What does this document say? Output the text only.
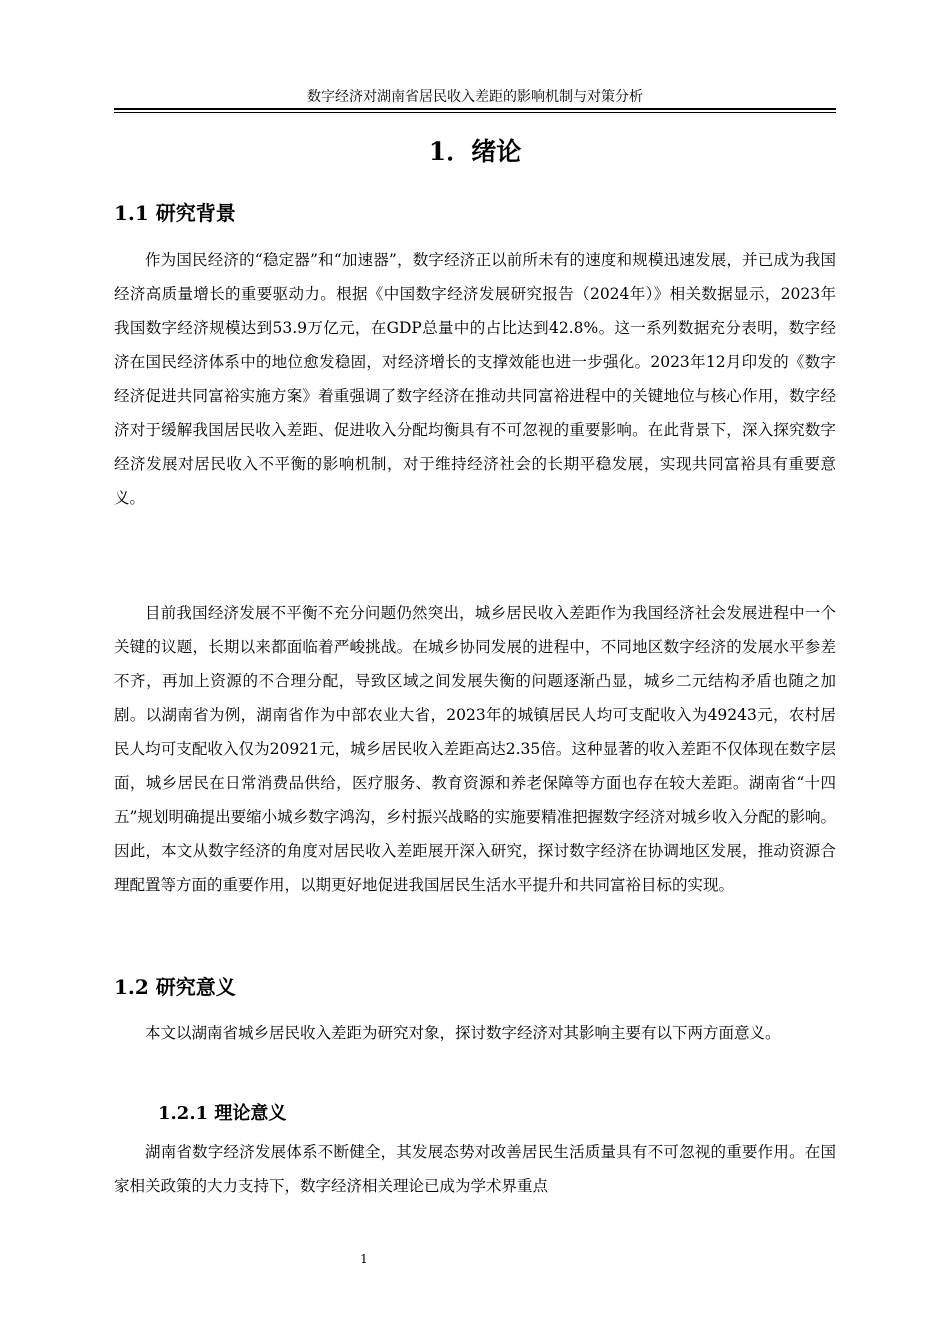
数字经济对湖南省居民收入差距的影响机制与对策分析
1．绪论
1.1 研究背景

作为国民经济的“稳定器”和“加速器”，数字经济正以前所未有的速度和规模迅速发展，并已成为我国经济高质量增长的重要驱动力。根据《中国数字经济发展研究报告（2024年）》相关数据显示，2023年我国数字经济规模达到53.9万亿元，在GDP总量中的占比达到42.8%。这一系列数据充分表明，数字经济在国民经济体系中的地位愈发稳固，对经济增长的支撑效能也进一步强化。2023年12月印发的《数字经济促进共同富裕实施方案》着重强调了数字经济在推动共同富裕进程中的关键地位与核心作用，数字经济对于缓解我国居民收入差距、促进收入分配均衡具有不可忽视的重要影响。在此背景下，深入探究数字经济发展对居民收入不平衡的影响机制，对于维持经济社会的长期平稳发展，实现共同富裕具有重要意义。

目前我国经济发展不平衡不充分问题仍然突出，城乡居民收入差距作为我国经济社会发展进程中一个关键的议题，长期以来都面临着严峻挑战。在城乡协同发展的进程中，不同地区数字经济的发展水平参差不齐，再加上资源的不合理分配，导致区域之间发展失衡的问题逐渐凸显，城乡二元结构矛盾也随之加剧。以湖南省为例，湖南省作为中部农业大省，2023年的城镇居民人均可支配收入为49243元，农村居民人均可支配收入仅为20921元，城乡居民收入差距高达2.35倍。这种显著的收入差距不仅体现在数字层面，城乡居民在日常消费品供给，医疗服务、教育资源和养老保障等方面也存在较大差距。湖南省“十四五”规划明确提出要缩小城乡数字鸿沟，乡村振兴战略的实施要精准把握数字经济对城乡收入分配的影响。因此，本文从数字经济的角度对居民收入差距展开深入研究，探讨数字经济在协调地区发展，推动资源合理配置等方面的重要作用，以期更好地促进我国居民生活水平提升和共同富裕目标的实现。

1.2 研究意义

本文以湖南省城乡居民收入差距为研究对象，探讨数字经济对其影响主要有以下两方面意义。

1.2.1 理论意义

湖南省数字经济发展体系不断健全，其发展态势对改善居民生活质量具有不可忽视的重要作用。在国家相关政策的大力支持下，数字经济相关理论已成为学术界重点

1
